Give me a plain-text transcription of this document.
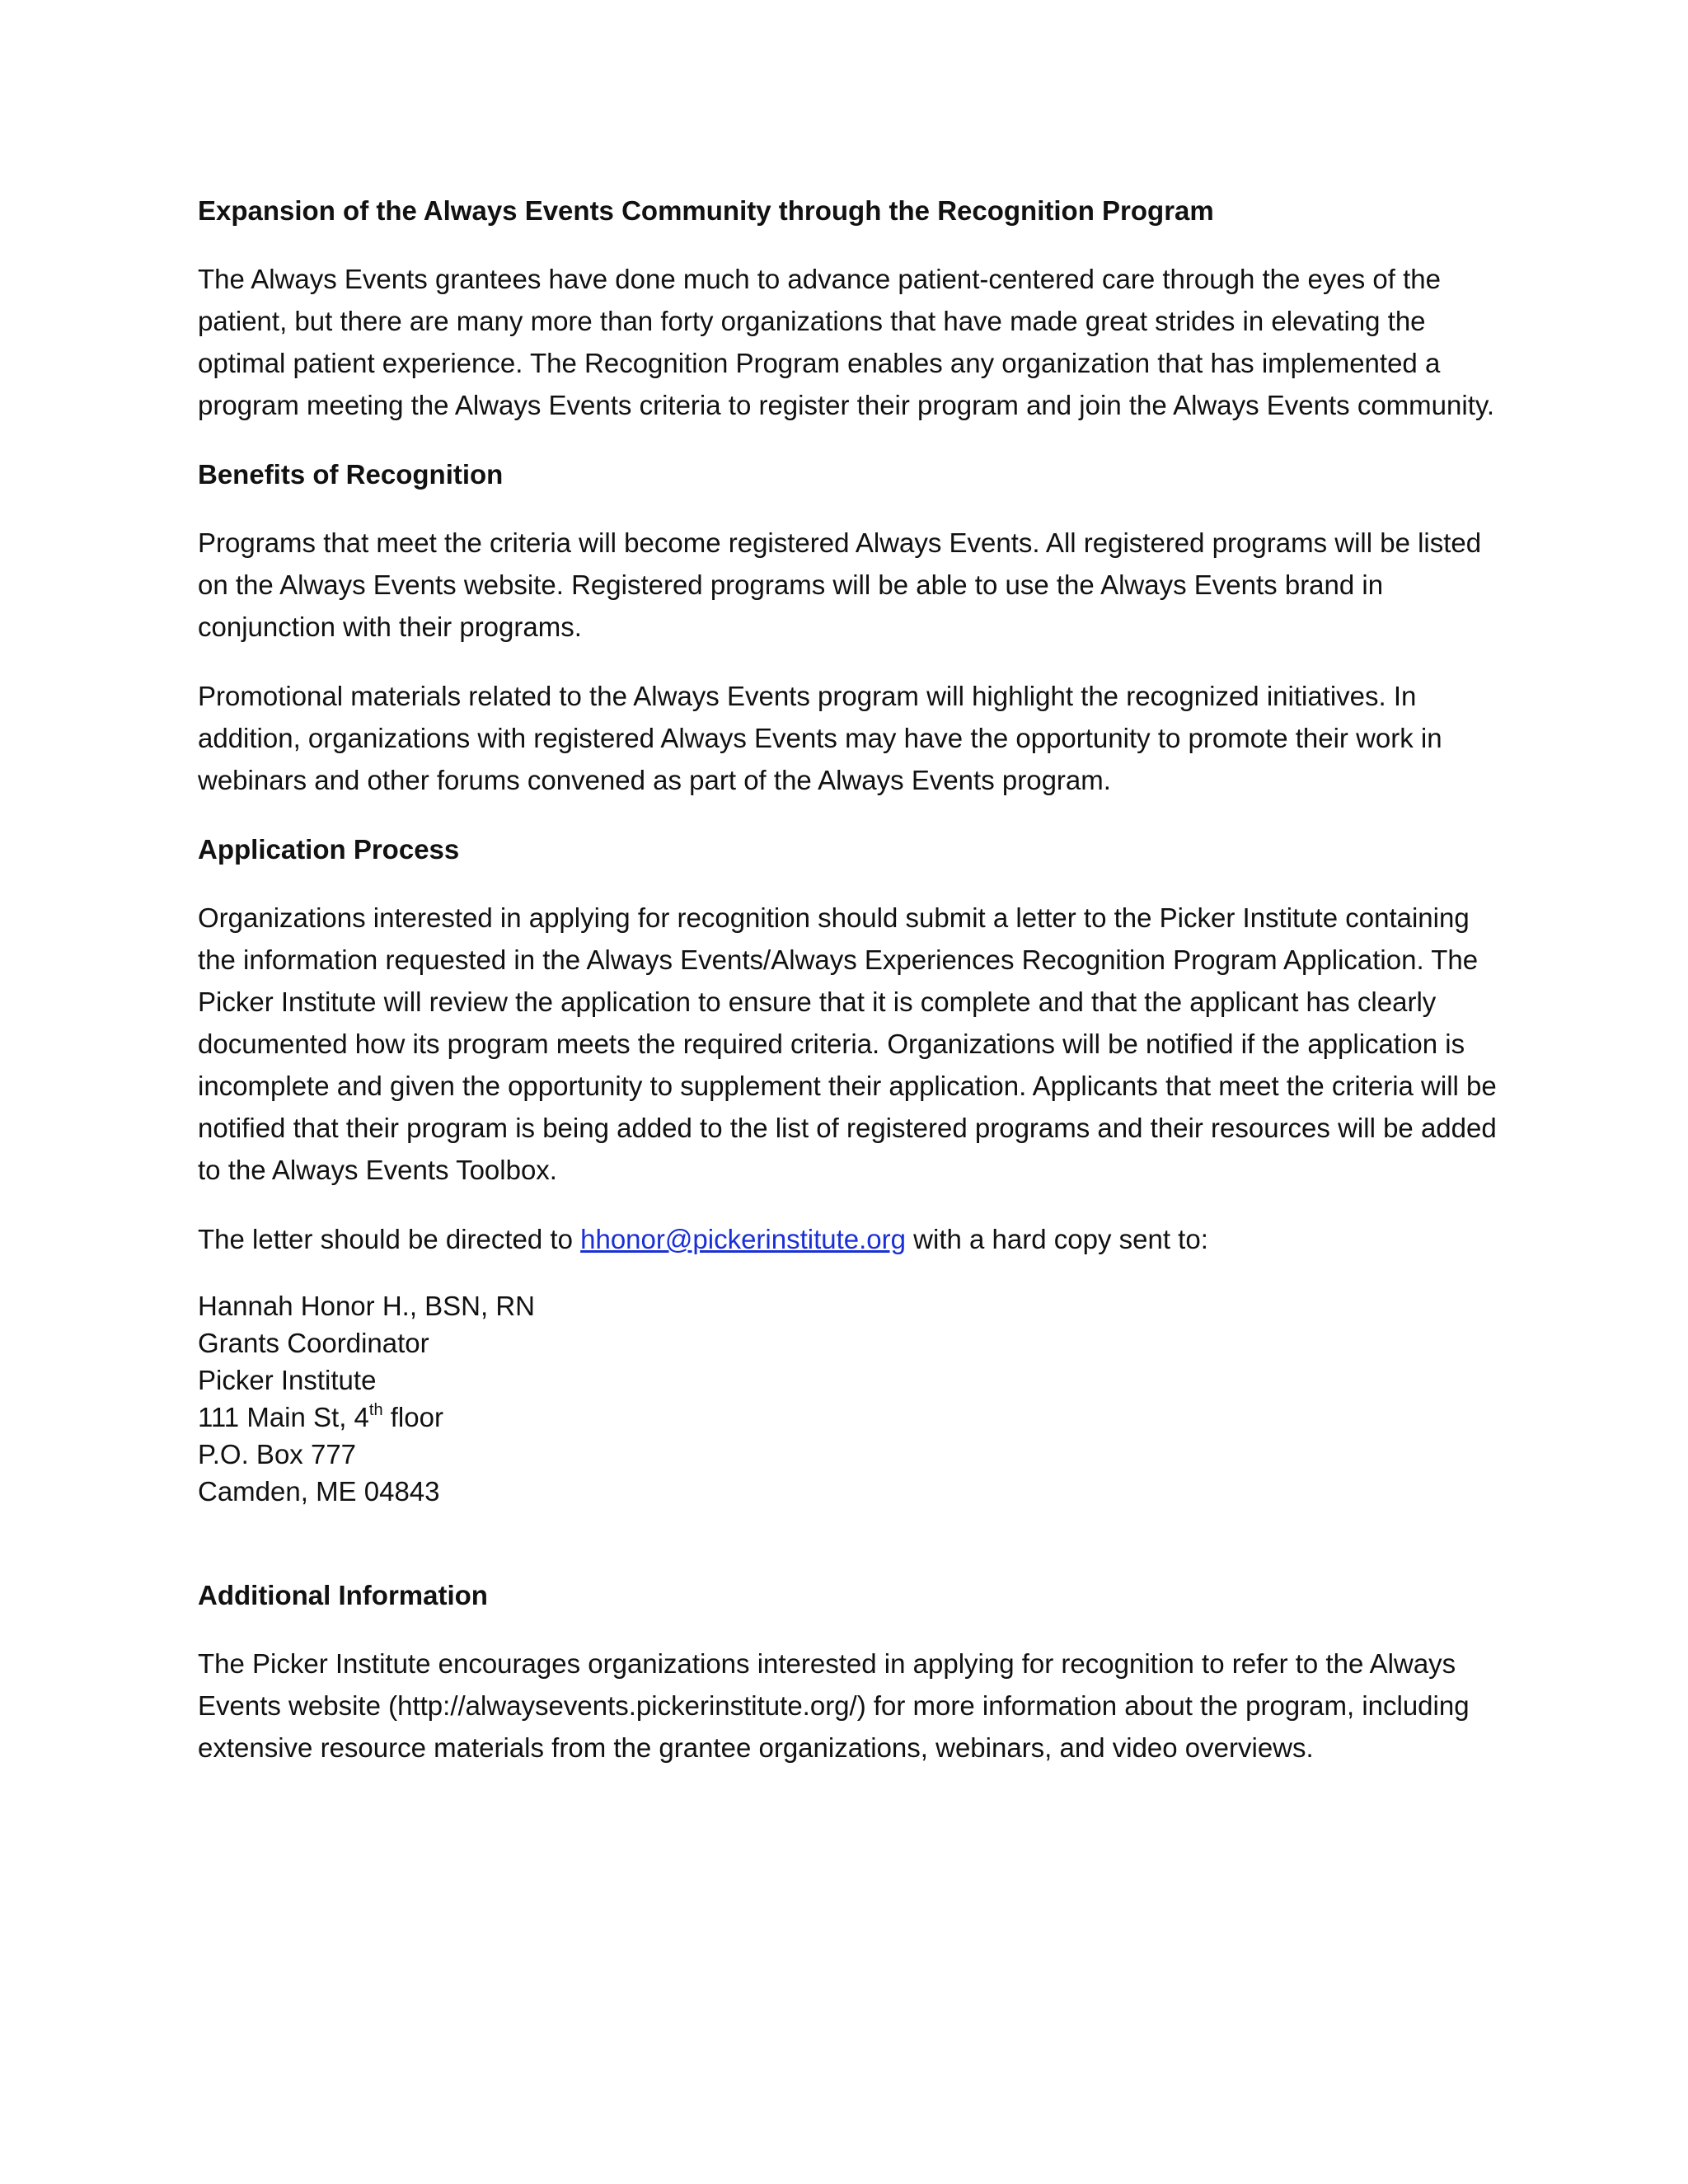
Expansion of the Always Events Community through the Recognition Program

The Always Events grantees have done much to advance patient-centered care through the eyes of the patient, but there are many more than forty organizations that have made great strides in elevating the optimal patient experience. The Recognition Program enables any organization that has implemented a program meeting the Always Events criteria to register their program and join the Always Events community.

Benefits of Recognition

Programs that meet the criteria will become registered Always Events. All registered programs will be listed on the Always Events website. Registered programs will be able to use the Always Events brand in conjunction with their programs.

Promotional materials related to the Always Events program will highlight the recognized initiatives. In addition, organizations with registered Always Events may have the opportunity to promote their work in webinars and other forums convened as part of the Always Events program.

Application Process

Organizations interested in applying for recognition should submit a letter to the Picker Institute containing the information requested in the Always Events/Always Experiences Recognition Program Application. The Picker Institute will review the application to ensure that it is complete and that the applicant has clearly documented how its program meets the required criteria. Organizations will be notified if the application is incomplete and given the opportunity to supplement their application. Applicants that meet the criteria will be notified that their program is being added to the list of registered programs and their resources will be added to the Always Events Toolbox.

The letter should be directed to hhonor@pickerinstitute.org with a hard copy sent to:

Hannah Honor H., BSN, RN
Grants Coordinator
Picker Institute
111 Main St, 4th floor
P.O. Box 777
Camden, ME 04843
Additional Information

The Picker Institute encourages organizations interested in applying for recognition to refer to the Always Events website (http://alwaysevents.pickerinstitute.org/) for more information about the program, including extensive resource materials from the grantee organizations, webinars, and video overviews.
